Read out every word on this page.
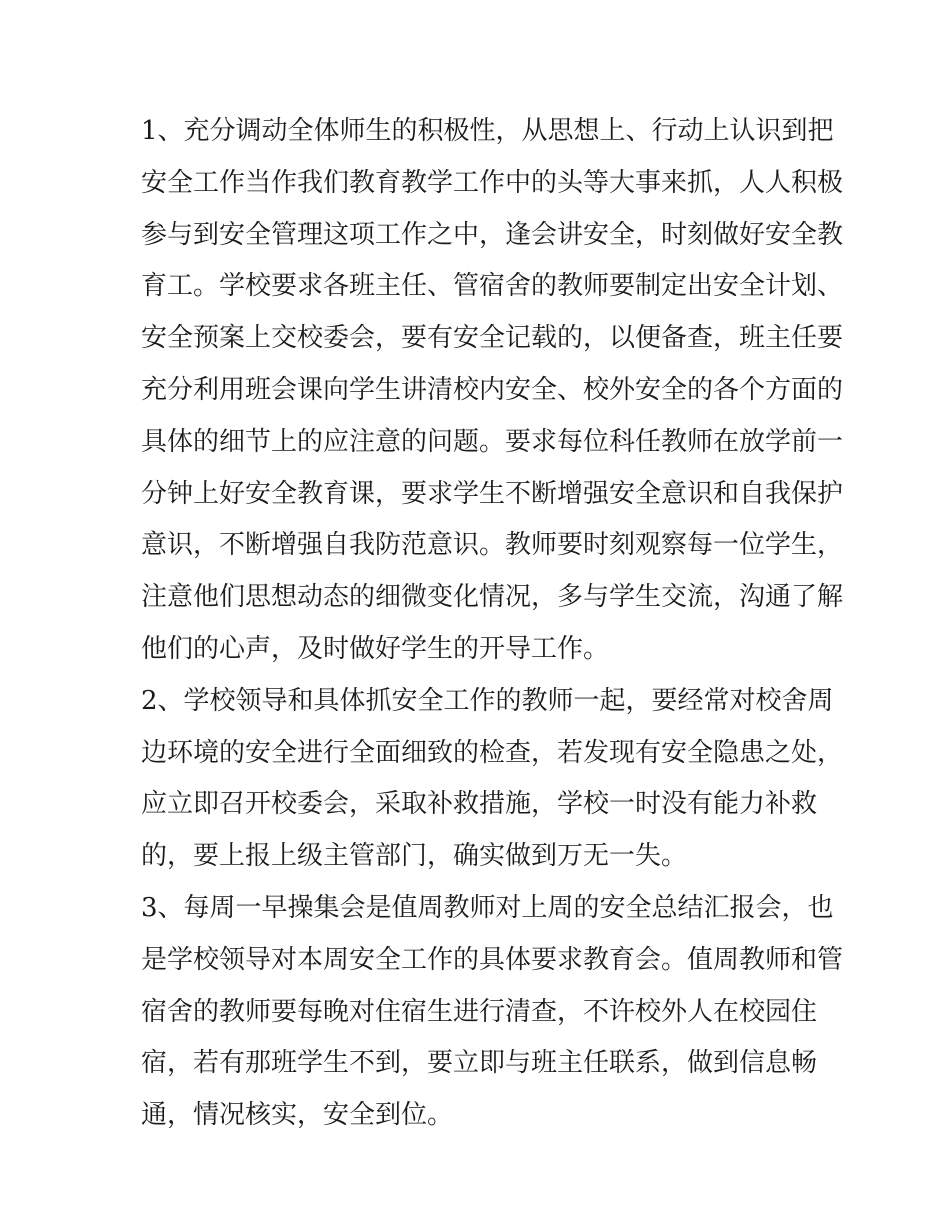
1、充分调动全体师生的积极性，从思想上、行动上认识到把
安全工作当作我们教育教学工作中的头等大事来抓，人人积极
参与到安全管理这项工作之中，逢会讲安全，时刻做好安全教
育工。学校要求各班主任、管宿舍的教师要制定出安全计划、
安全预案上交校委会，要有安全记载的，以便备查，班主任要
充分利用班会课向学生讲清校内安全、校外安全的各个方面的
具体的细节上的应注意的问题。要求每位科任教师在放学前一
分钟上好安全教育课，要求学生不断增强安全意识和自我保护
意识，不断增强自我防范意识。教师要时刻观察每一位学生，
注意他们思想动态的细微变化情况，多与学生交流，沟通了解
他们的心声，及时做好学生的开导工作。
2、学校领导和具体抓安全工作的教师一起，要经常对校舍周
边环境的安全进行全面细致的检查，若发现有安全隐患之处，
应立即召开校委会，采取补救措施，学校一时没有能力补救
的，要上报上级主管部门，确实做到万无一失。
3、每周一早操集会是值周教师对上周的安全总结汇报会，也
是学校领导对本周安全工作的具体要求教育会。值周教师和管
宿舍的教师要每晚对住宿生进行清查，不许校外人在校园住
宿，若有那班学生不到，要立即与班主任联系，做到信息畅
通，情况核实，安全到位。
